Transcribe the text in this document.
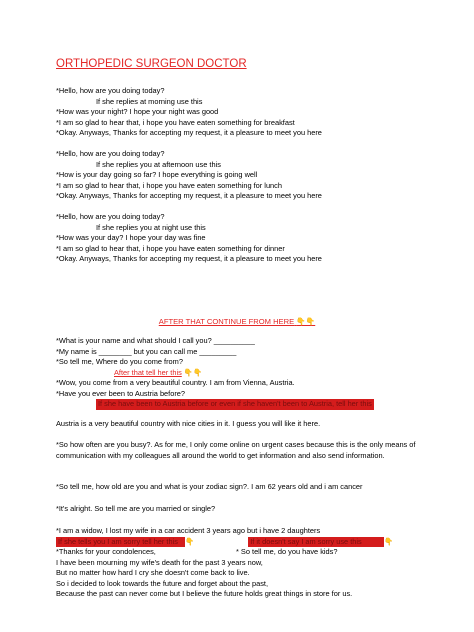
ORTHOPEDIC SURGEON DOCTOR
*Hello, how are you doing today?
If she replies at morning use this
*How was your night? I hope your night was good
*I am so glad to hear that, i hope you have eaten something for breakfast
*Okay. Anyways, Thanks for accepting my request, it a pleasure to meet you here
*Hello, how are you doing today?
If she replies you at afternoon use this
*How is your day going so far? I hope everything is going well
*I am so glad to hear that, i hope you have eaten something for lunch
*Okay. Anyways, Thanks for accepting my request, it a pleasure to meet you here
*Hello, how are you doing today?
If she replies you at night use this
*How was your day? I hope your day was fine
*I am so glad to hear that, i hope you have eaten something for dinner
*Okay. Anyways, Thanks for accepting my request, it a pleasure to meet you here
AFTER THAT CONTINUE FROM HERE 👇👇
*What is your name and what should I call you? __________
*My name is ________ but you can call me _________
*So tell me, Where do you come from?
After that tell her this 👇👇
*Wow, you come from a very beautiful country. I am from Vienna, Austria.
*Have you ever been to Austria before?
If she have been to Austria before or even if she haven't been to Austria, tell her this
Austria is a very beautiful country with nice cities in it. I guess you will like it here.
*So how often are you busy?. As for me, I only come online on urgent cases because this is the only means of communication with my colleagues all around the world to get information and also send information.
*So tell me, how old are you and what is your zodiac sign?. I am 62 years old and i am cancer
*It's alright. So tell me are you married or single?
*I am a widow, I lost my wife in a car accident 3 years ago but i have 2 daughters
If she tells you I am sorry tell her this 👇	If it doesn't say I am sorry use this	👇
*Thanks for your condolences,	* So tell me, do you have kids?
I have been mourning my wife's death for the past 3 years now,
But no matter how hard I cry she doesn't come back to live.
So i decided to look towards the future and forget about the past,
Because the past can never come but I believe the future holds great things in store for us.
